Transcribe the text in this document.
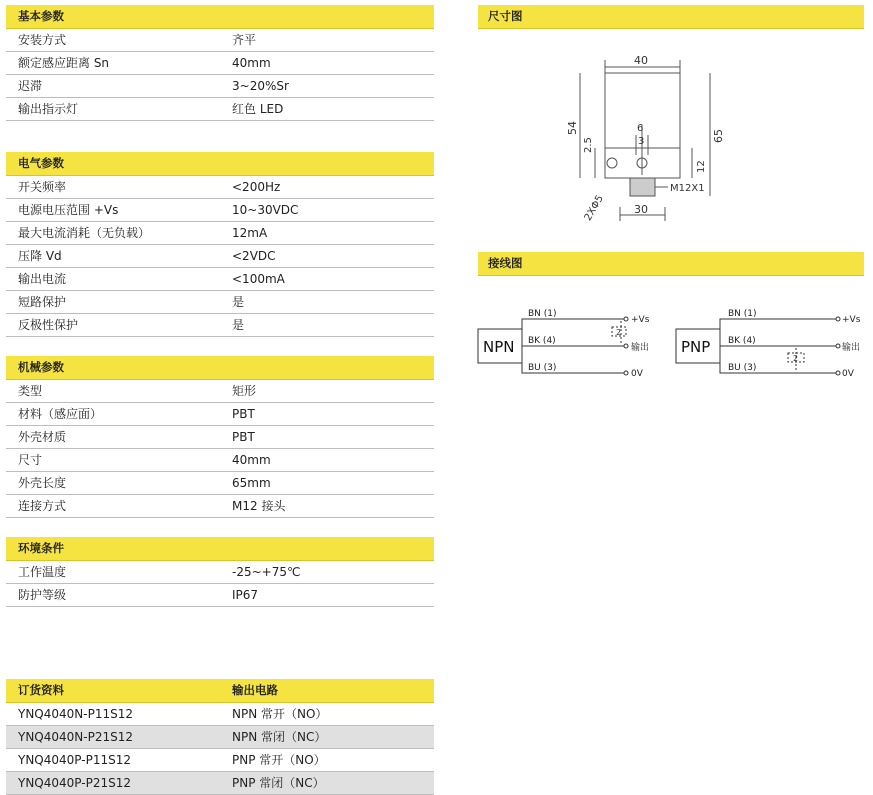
基本参数
安装方式	齐平
额定感应距离 Sn	40mm
迟滞	3~20%Sr
输出指示灯	红色 LED
电气参数
开关频率	<200Hz
电源电压范围 +Vs	10~30VDC
最大电流消耗（无负载）	12mA
压降 Vd	<2VDC
输出电流	<100mA
短路保护	是
反极性保护	是
机械参数
类型	矩形
材料（感应面）	PBT
外壳材质	PBT
尺寸	40mm
外壳长度	65mm
连接方式	M12 接头
环境条件
工作温度	-25~+75℃
防护等级	IP67
订货资料	输出电路
YNQ4040N-P11S12	NPN 常开（NO）
YNQ4040N-P21S12	NPN 常闭（NC）
YNQ4040P-P11S12	PNP 常开（NO）
YNQ4040P-P21S12	PNP 常闭（NC）
尺寸图
40
6
3
M12X1
54
2.5
2XΦ5
65
12
30
接线图
NPN
2
BN (1)
BK (4)
BU (3)
+Vs
输出
0V
PNP
2
BN (1)
BK (4)
BU (3)
+Vs
输出
0V
